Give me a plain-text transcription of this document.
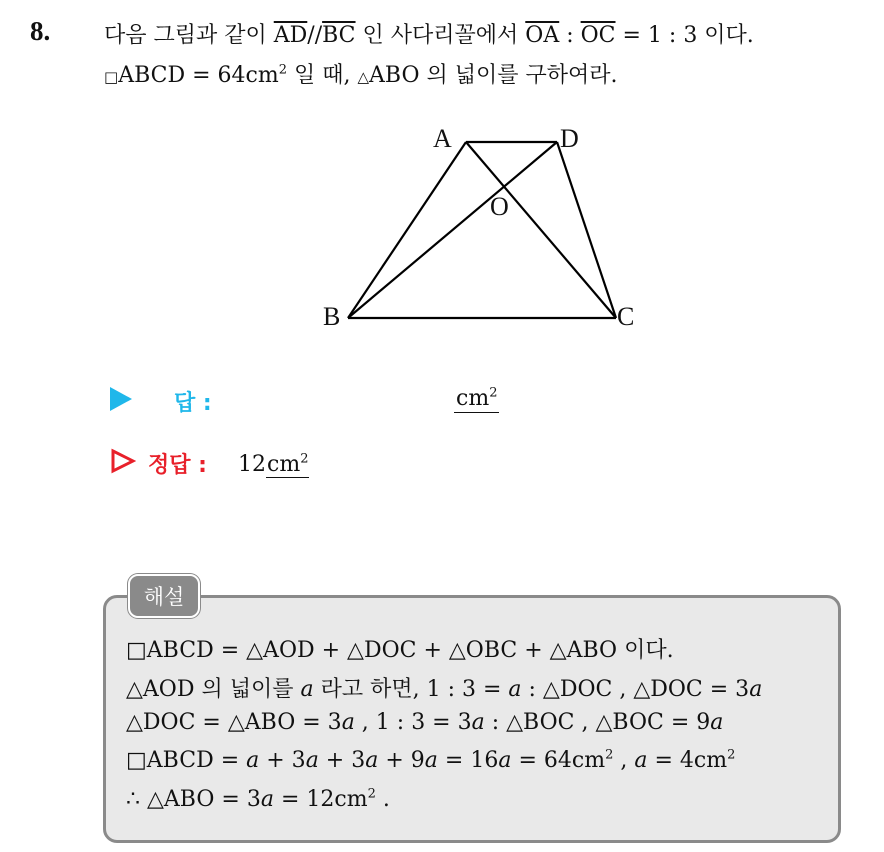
8. 다음 그림과 같이 $\overline{AD}//\overline{BC}$ 인 사다리꼴에서 $\overline{OA}$ : $\overline{OC} = 1$ : 3 이다.
□ABCD = $64cm^2$ 일 때, △ABO 의 넓이를 구하여라.
A	D
O
B	C
답 :	$cm^2$
정답 : $12cm^2$
해설
□ABCD = △AOD + △DOC + △OBC + △ABO 이다.
△AOD 의 넓이를 a 라고 하면, 1 : 3 = a : △DOC , △DOC = 3a
△DOC = △ABO = 3a , 1 : 3 = 3a : △BOC , △BOC = 9a
□ABCD = $a + 3a + 3a + 9a = 16a = 64cm^2$ , $a = 4cm^2$
∴ △ABO = $3a = 12cm^2$ .
